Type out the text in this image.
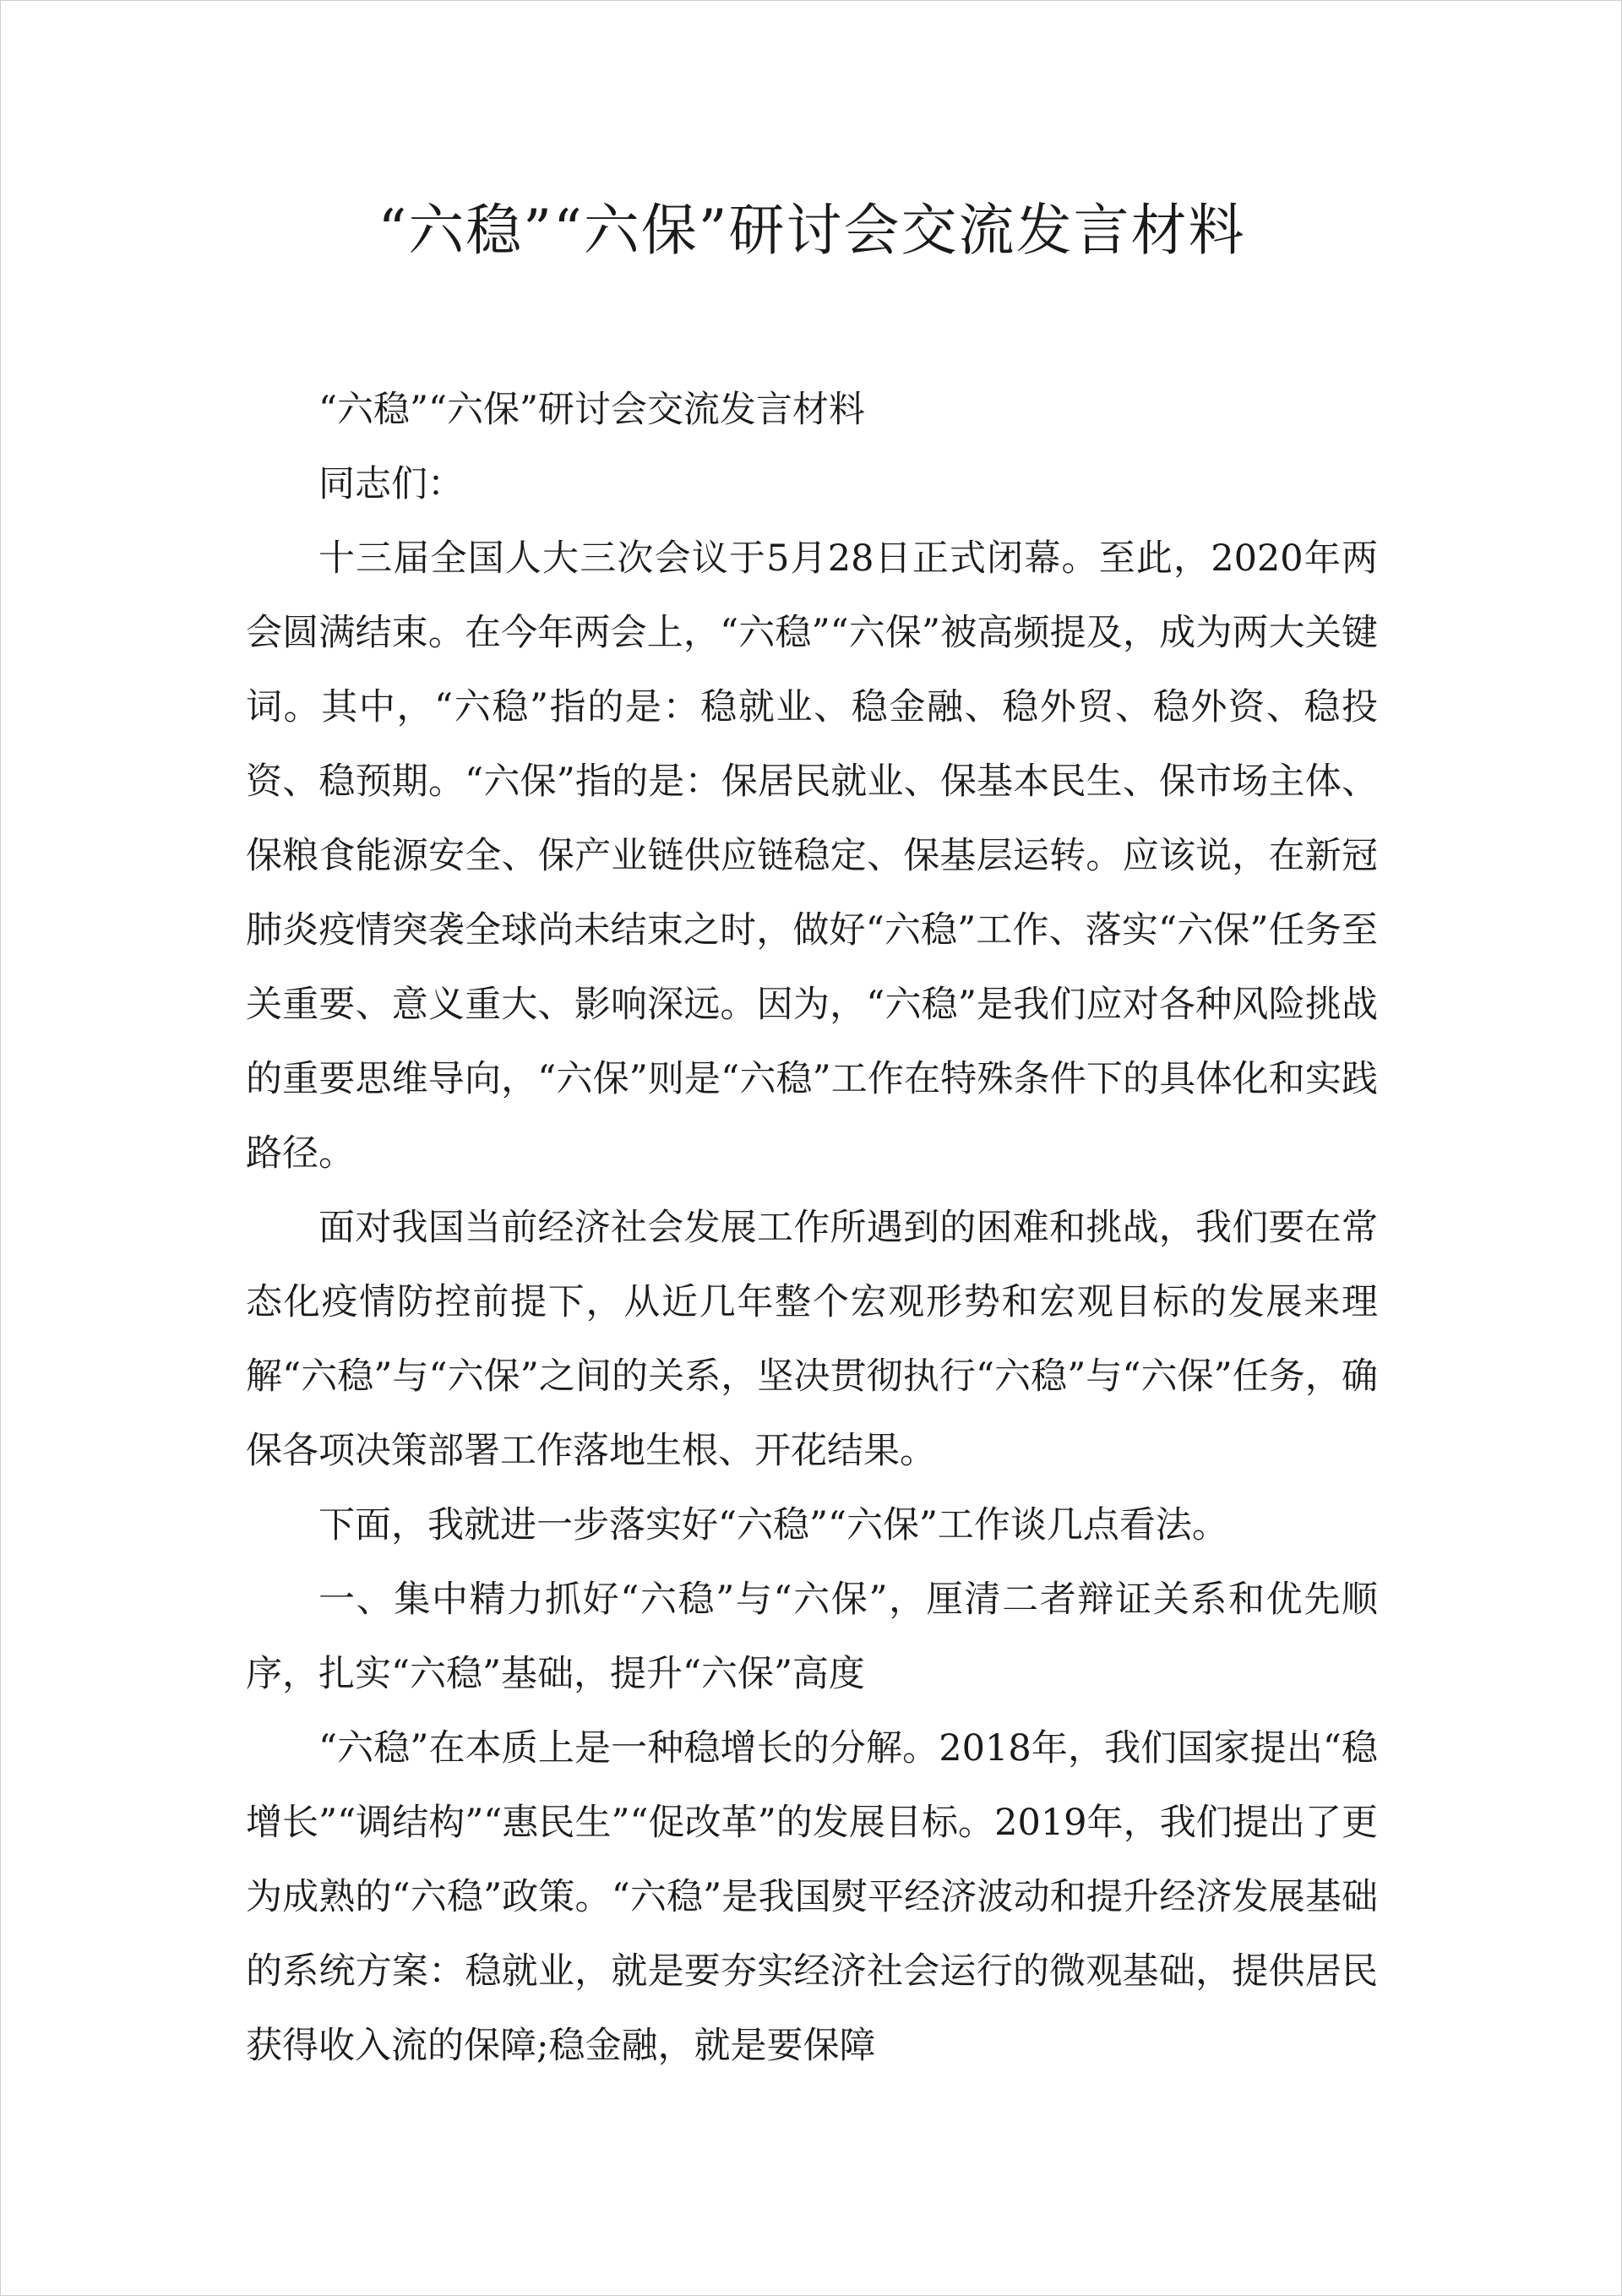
“六稳”“六保”研讨会交流发言材料

“六稳”“六保”研讨会交流发言材料

同志们：

十三届全国人大三次会议于5月28日正式闭幕。至此，2020年两会圆满结束。在今年两会上，“六稳”“六保”被高频提及，成为两大关键词。其中，“六稳”指的是：稳就业、稳金融、稳外贸、稳外资、稳投资、稳预期。“六保”指的是：保居民就业、保基本民生、保市场主体、保粮食能源安全、保产业链供应链稳定、保基层运转。应该说，在新冠肺炎疫情突袭全球尚未结束之时，做好“六稳”工作、落实“六保”任务至关重要、意义重大、影响深远。因为，“六稳”是我们应对各种风险挑战的重要思维导向，“六保”则是“六稳”工作在特殊条件下的具体化和实践路径。

面对我国当前经济社会发展工作所遇到的困难和挑战，我们要在常态化疫情防控前提下，从近几年整个宏观形势和宏观目标的发展来理解“六稳”与“六保”之间的关系，坚决贯彻执行“六稳”与“六保”任务，确保各项决策部署工作落地生根、开花结果。

下面，我就进一步落实好“六稳”“六保”工作谈几点看法。

一、集中精力抓好“六稳”与“六保”，厘清二者辩证关系和优先顺序，扎实“六稳”基础，提升“六保”高度

“六稳”在本质上是一种稳增长的分解。2018年，我们国家提出“稳增长”“调结构”“惠民生”“促改革”的发展目标。2019年，我们提出了更为成熟的“六稳”政策。“六稳”是我国熨平经济波动和提升经济发展基础的系统方案：稳就业，就是要夯实经济社会运行的微观基础，提供居民获得收入流的保障;稳金融，就是要保障
